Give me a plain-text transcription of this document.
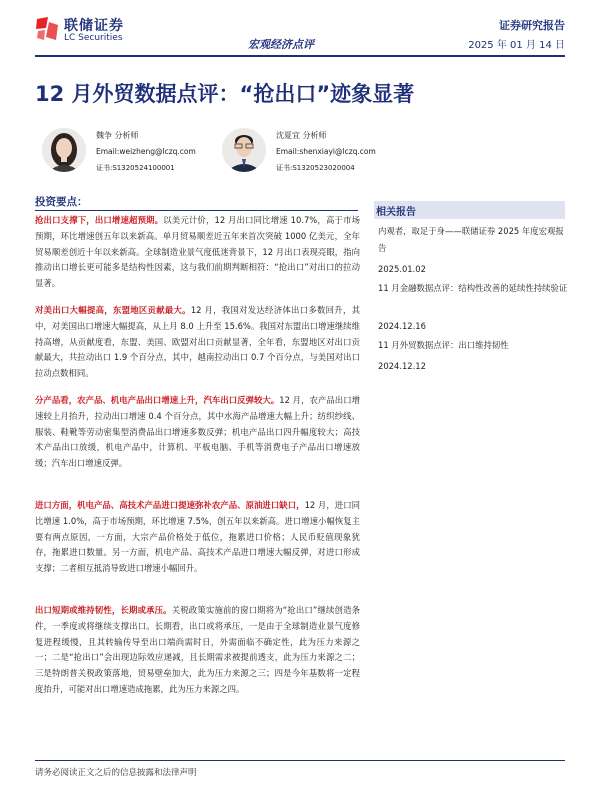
联储证券
LC Securities	宏观经济点评
证券研究报告
2025 年 01 月 14 日
12 月外贸数据点评：“抢出口”迹象显著
魏争 分析师
Email:weizheng@lczq.com
证书:S1320524100001
沈夏宜 分析师
Email:shenxiayi@lczq.com
证书:S1320523020004
投资要点：

抢出口支撑下，出口增速超预期。以美元计价，12 月出口同比增速 10.7%，高于市场预期，环比增速创五年以来新高。单月贸易顺差近五年来首次突破 1000 亿美元，全年贸易顺差创近十年以来新高。全球制造业景气度低迷背景下，12 月出口表现亮眼，指向推动出口增长更可能多是结构性因素，这与我们前期判断相符：“抢出口”对出口的拉动显著。

对美出口大幅提高，东盟地区贡献最大。12 月，我国对发达经济体出口多数回升，其中，对美国出口增速大幅提高，从上月 8.0 上升至 15.6%。我国对东盟出口增速继续维持高增，从贡献度看，东盟、美国、欧盟对出口贡献显著，全年看，东盟地区对出口贡献最大，共拉动出口 1.9 个百分点，其中，越南拉动出口 0.7 个百分点，与美国对出口拉动点数相同。

分产品看，农产品、机电产品出口增速上升，汽车出口反弹较大。12 月，农产品出口增速较上月抬升，拉动出口增速 0.4 个百分点，其中水海产品增速大幅上升；纺织纱线、服装、鞋靴等劳动密集型消费品出口增速多数反弹；机电产品出口四升幅度较大；高技术产品出口放缓，机电产品中，计算机、平板电脑、手机等消费电子产品出口增速放缓；汽车出口增速反弹。

进口方面，机电产品、高技术产品进口提速弥补农产品、原油进口缺口，12 月，进口同比增速 1.0%，高于市场预期，环比增速 7.5%，创五年以来新高。进口增速小幅恢复主要有两点原因，一方面，大宗产品价格处于低位，拖累进口价格；人民币贬值现象犹存，拖累进口数量。另一方面，机电产品、高技术产品进口增速大幅反弹，对进口形成支撑；二者相互抵消导致进口增速小幅回升。

出口短期或维持韧性，长期或承压。关税政策实施前的窗口期将为“抢出口”继续创造条件，一季度或将继续支撑出口。长期看，出口或将承压，一是由于全球制造业景气度修复进程缓慢，且其转输传导至出口端尚需时日，外需面临不确定性，此为压力来源之一；二是“抢出口”会出现边际效应递减，且长期需求被提前透支，此为压力来源之二；三是特朗普关税政策落地，贸易壁垒加大，此为压力来源之三；四是今年基数将一定程度抬升，可能对出口增速造成拖累，此为压力来源之四。

相关报告
内观者，取足于身——联储证券 2025 年度宏观报告
2025.01.02
11 月金融数据点评：结构性改善的延续性持续验证
2024.12.16
11 月外贸数据点评：出口维持韧性
2024.12.12
请务必阅读正文之后的信息披露和法律声明
